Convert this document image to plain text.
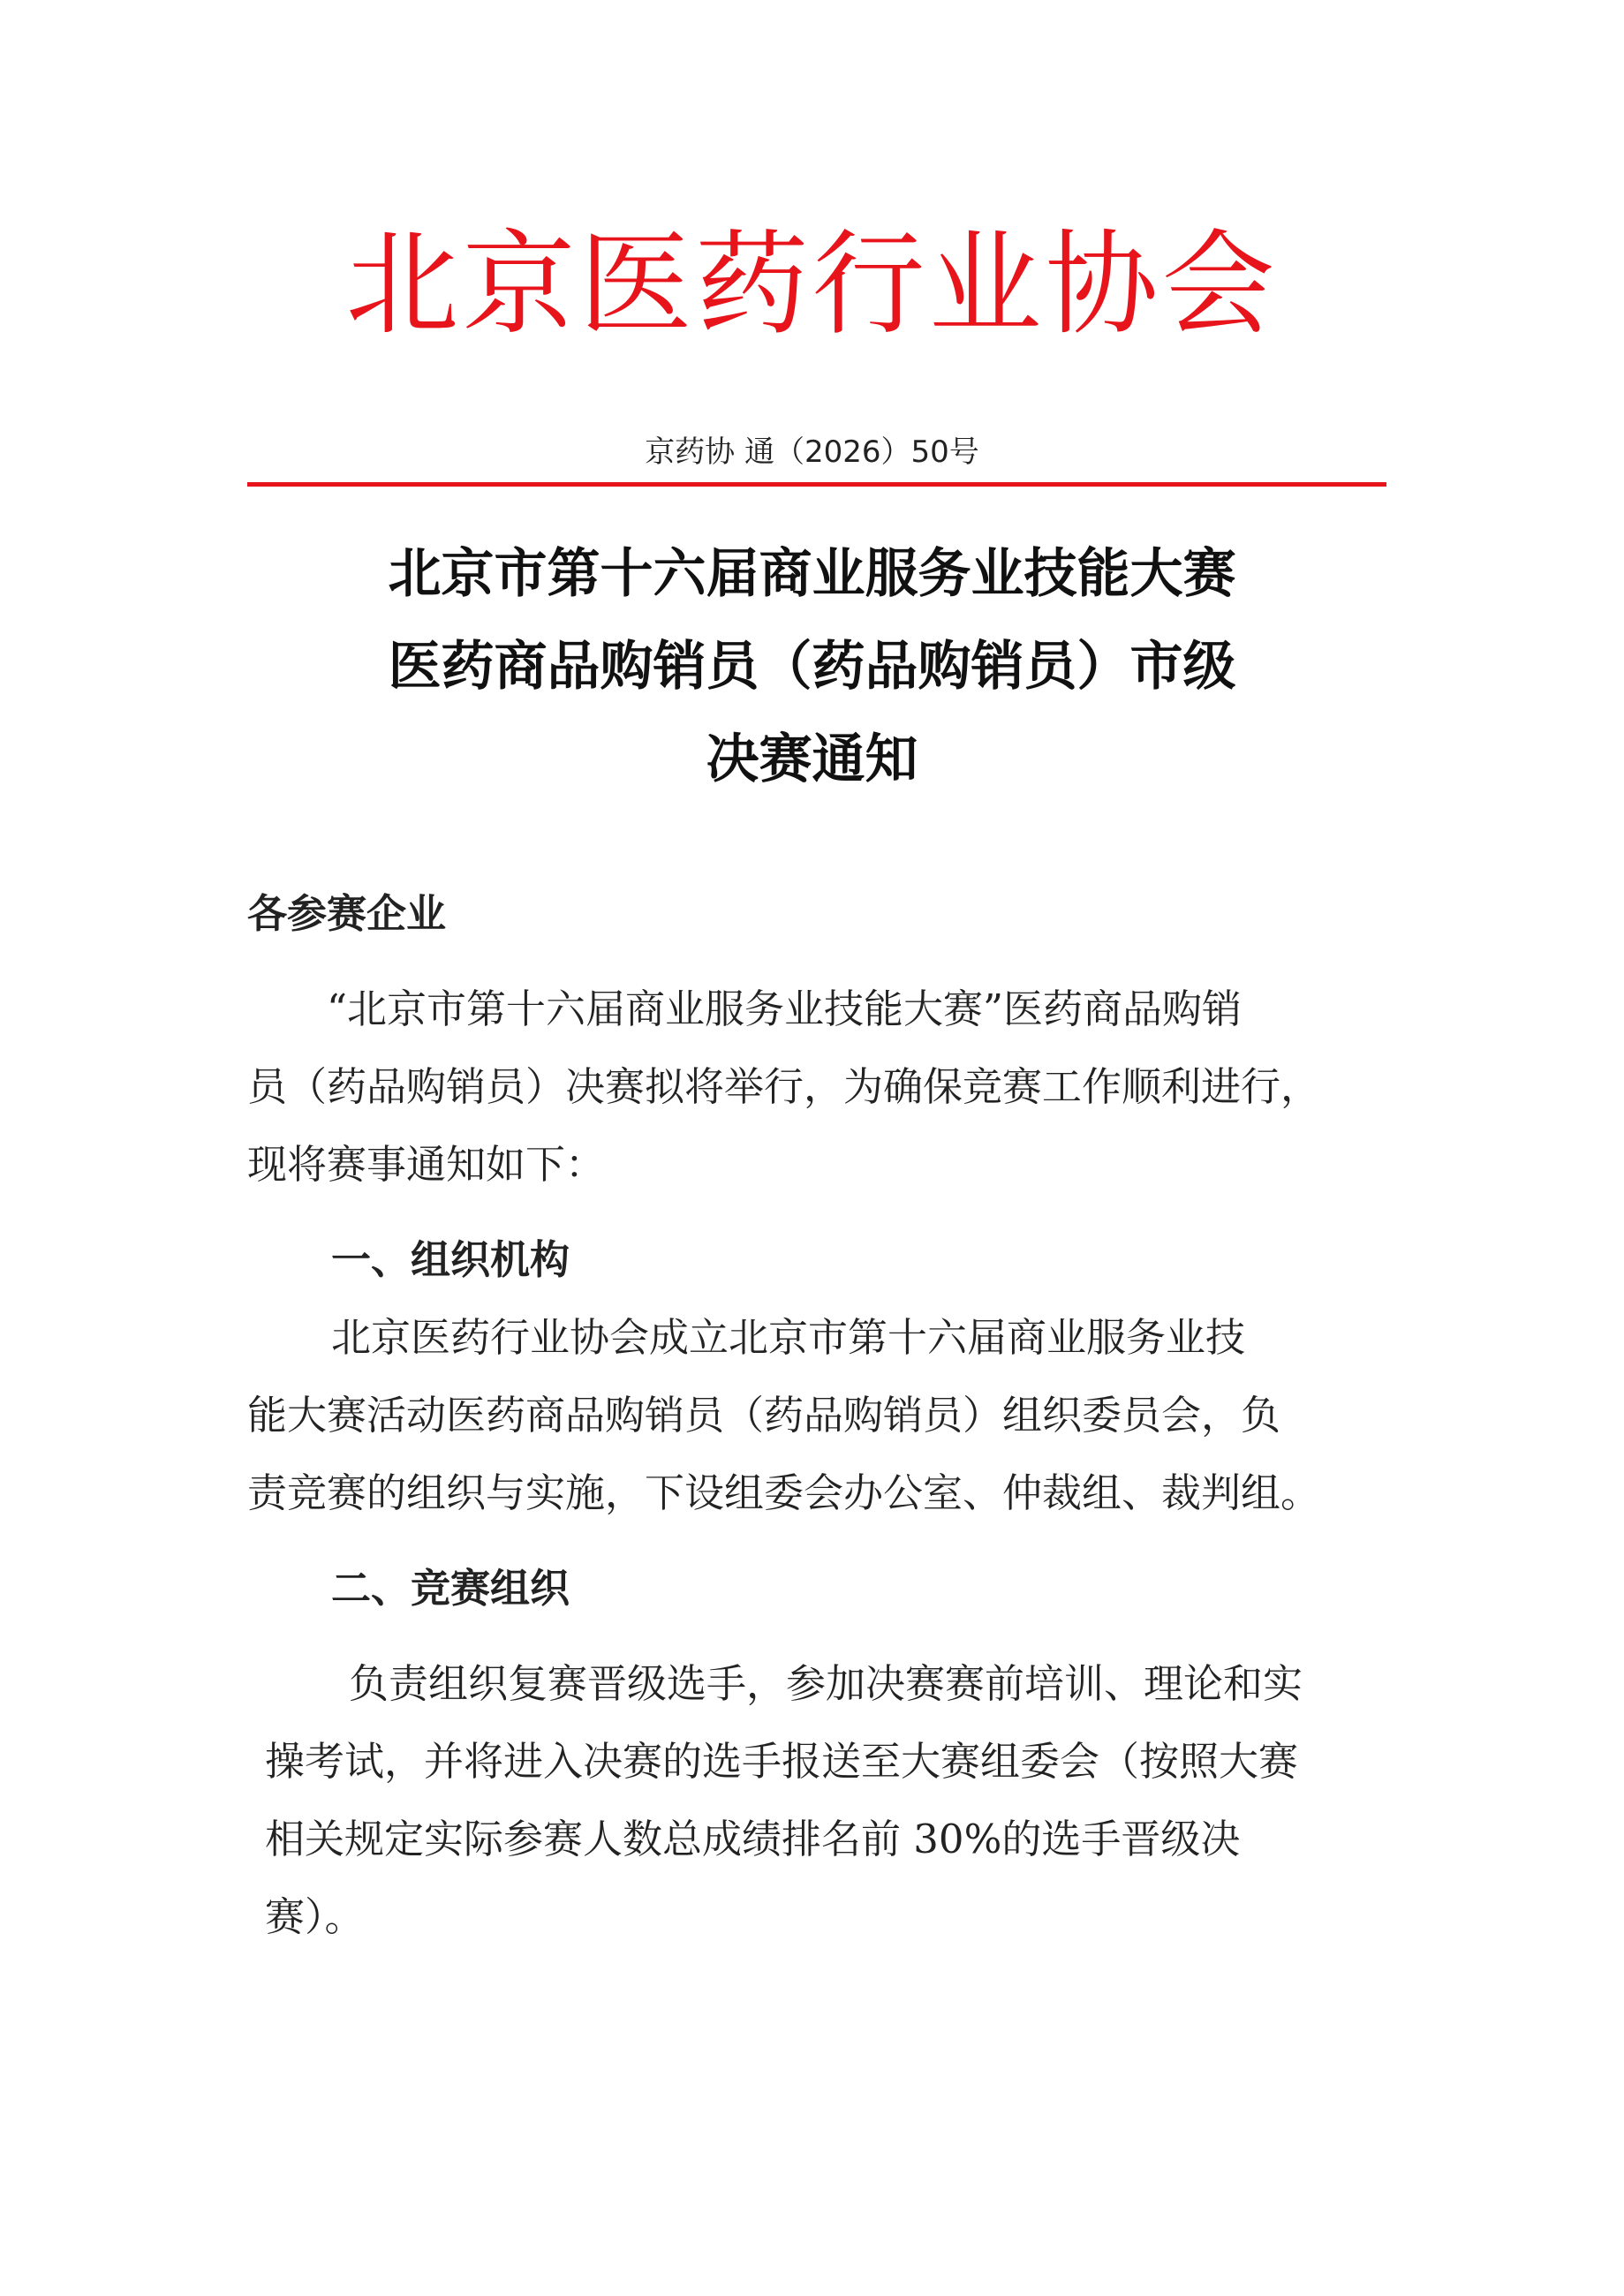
北京医药行业协会
京药协 通（2026）50号
北京市第十六届商业服务业技能大赛
医药商品购销员（药品购销员）市级
决赛通知
各参赛企业
“北京市第十六届商业服务业技能大赛”医药商品购销
员（药品购销员）决赛拟将举行，为确保竞赛工作顺利进行，
现将赛事通知如下：
一、组织机构
北京医药行业协会成立北京市第十六届商业服务业技
能大赛活动医药商品购销员（药品购销员）组织委员会，负
责竞赛的组织与实施，下设组委会办公室、仲裁组、裁判组。
二、竞赛组织
负责组织复赛晋级选手，参加决赛赛前培训、理论和实
操考试，并将进入决赛的选手报送至大赛组委会（按照大赛
相关规定实际参赛人数总成绩排名前 30%的选手晋级决
赛）。
